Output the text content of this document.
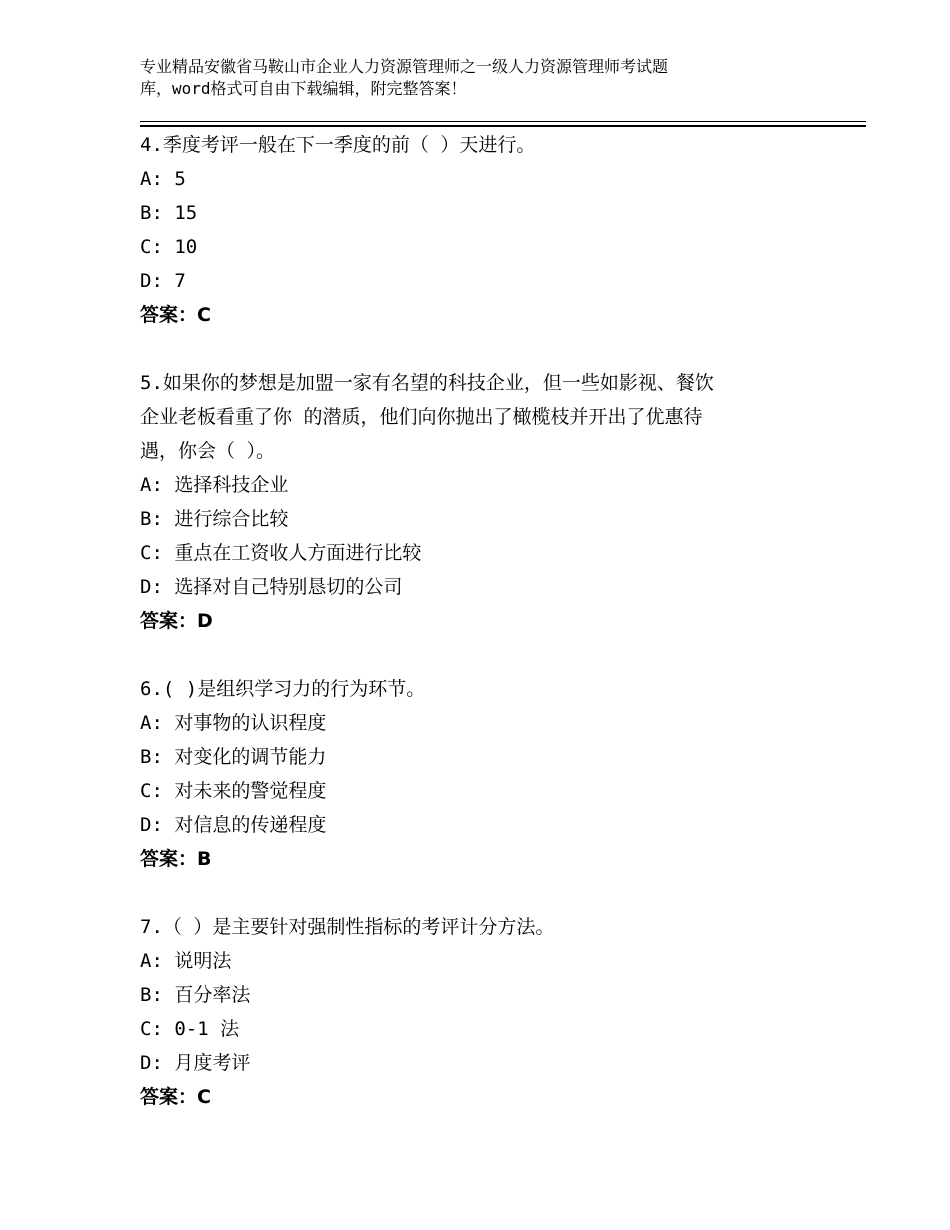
专业精品安徽省马鞍山市企业人力资源管理师之一级人力资源管理师考试题
库，word格式可自由下载编辑，附完整答案！
4.季度考评一般在下一季度的前（ ）天进行。
A: 5
B: 15
C: 10
D: 7
答案：C
5.如果你的梦想是加盟一家有名望的科技企业，但一些如影视、餐饮
企业老板看重了你 的潜质，他们向你抛出了橄榄枝并开出了优惠待
遇，你会（ ）。
A: 选择科技企业
B: 进行综合比较
C: 重点在工资收人方面进行比较
D: 选择对自己特别恳切的公司
答案：D
6.( )是组织学习力的行为环节。
A: 对事物的认识程度
B: 对变化的调节能力
C: 对未来的警觉程度
D: 对信息的传递程度
答案：B
7.（ ）是主要针对强制性指标的考评计分方法。
A: 说明法
B: 百分率法
C: 0-1 法
D: 月度考评
答案：C
